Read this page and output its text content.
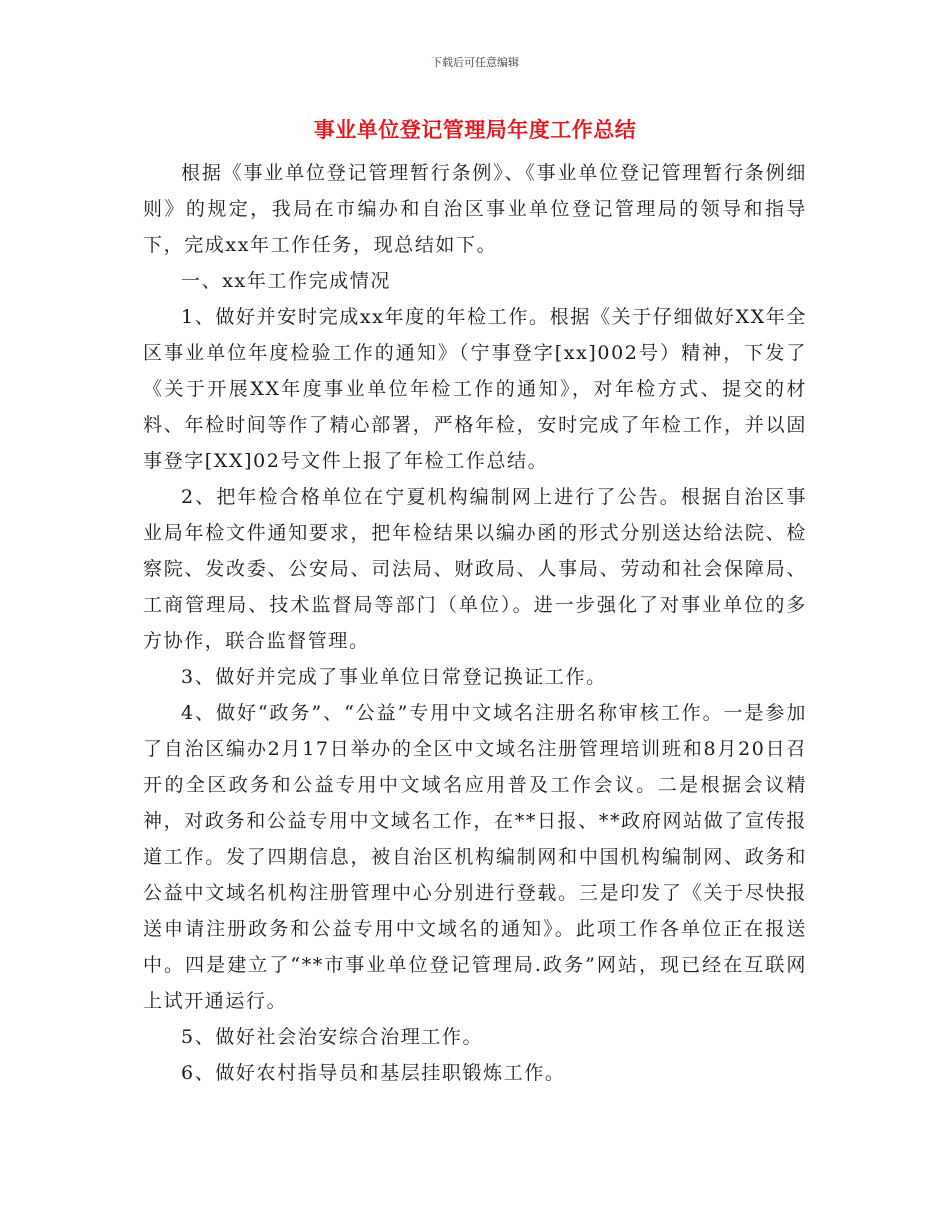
下载后可任意编辑
事业单位登记管理局年度工作总结

根据《事业单位登记管理暂行条例》、《事业单位登记管理暂行条例细则》的规定，我局在市编办和自治区事业单位登记管理局的领导和指导下，完成xx年工作任务，现总结如下。

一、xx年工作完成情况

1、做好并安时完成xx年度的年检工作。根据《关于仔细做好XX年全区事业单位年度检验工作的通知》（宁事登字[xx]002号）精神，下发了《关于开展XX年度事业单位年检工作的通知》，对年检方式、提交的材料、年检时间等作了精心部署，严格年检，安时完成了年检工作，并以固事登字[XX]02号文件上报了年检工作总结。

2、把年检合格单位在宁夏机构编制网上进行了公告。根据自治区事业局年检文件通知要求，把年检结果以编办函的形式分别送达给法院、检察院、发改委、公安局、司法局、财政局、人事局、劳动和社会保障局、工商管理局、技术监督局等部门（单位）。进一步强化了对事业单位的多方协作，联合监督管理。

3、做好并完成了事业单位日常登记换证工作。

4、做好“政务”、“公益”专用中文域名注册名称审核工作。一是参加了自治区编办2月17日举办的全区中文域名注册管理培训班和8月20日召开的全区政务和公益专用中文域名应用普及工作会议。二是根据会议精神，对政务和公益专用中文域名工作，在**日报、**政府网站做了宣传报道工作。发了四期信息，被自治区机构编制网和中国机构编制网、政务和公益中文域名机构注册管理中心分别进行登载。三是印发了《关于尽快报送申请注册政务和公益专用中文域名的通知》。此项工作各单位正在报送中。四是建立了“**市事业单位登记管理局.政务”网站，现已经在互联网上试开通运行。

5、做好社会治安综合治理工作。

6、做好农村指导员和基层挂职锻炼工作。
